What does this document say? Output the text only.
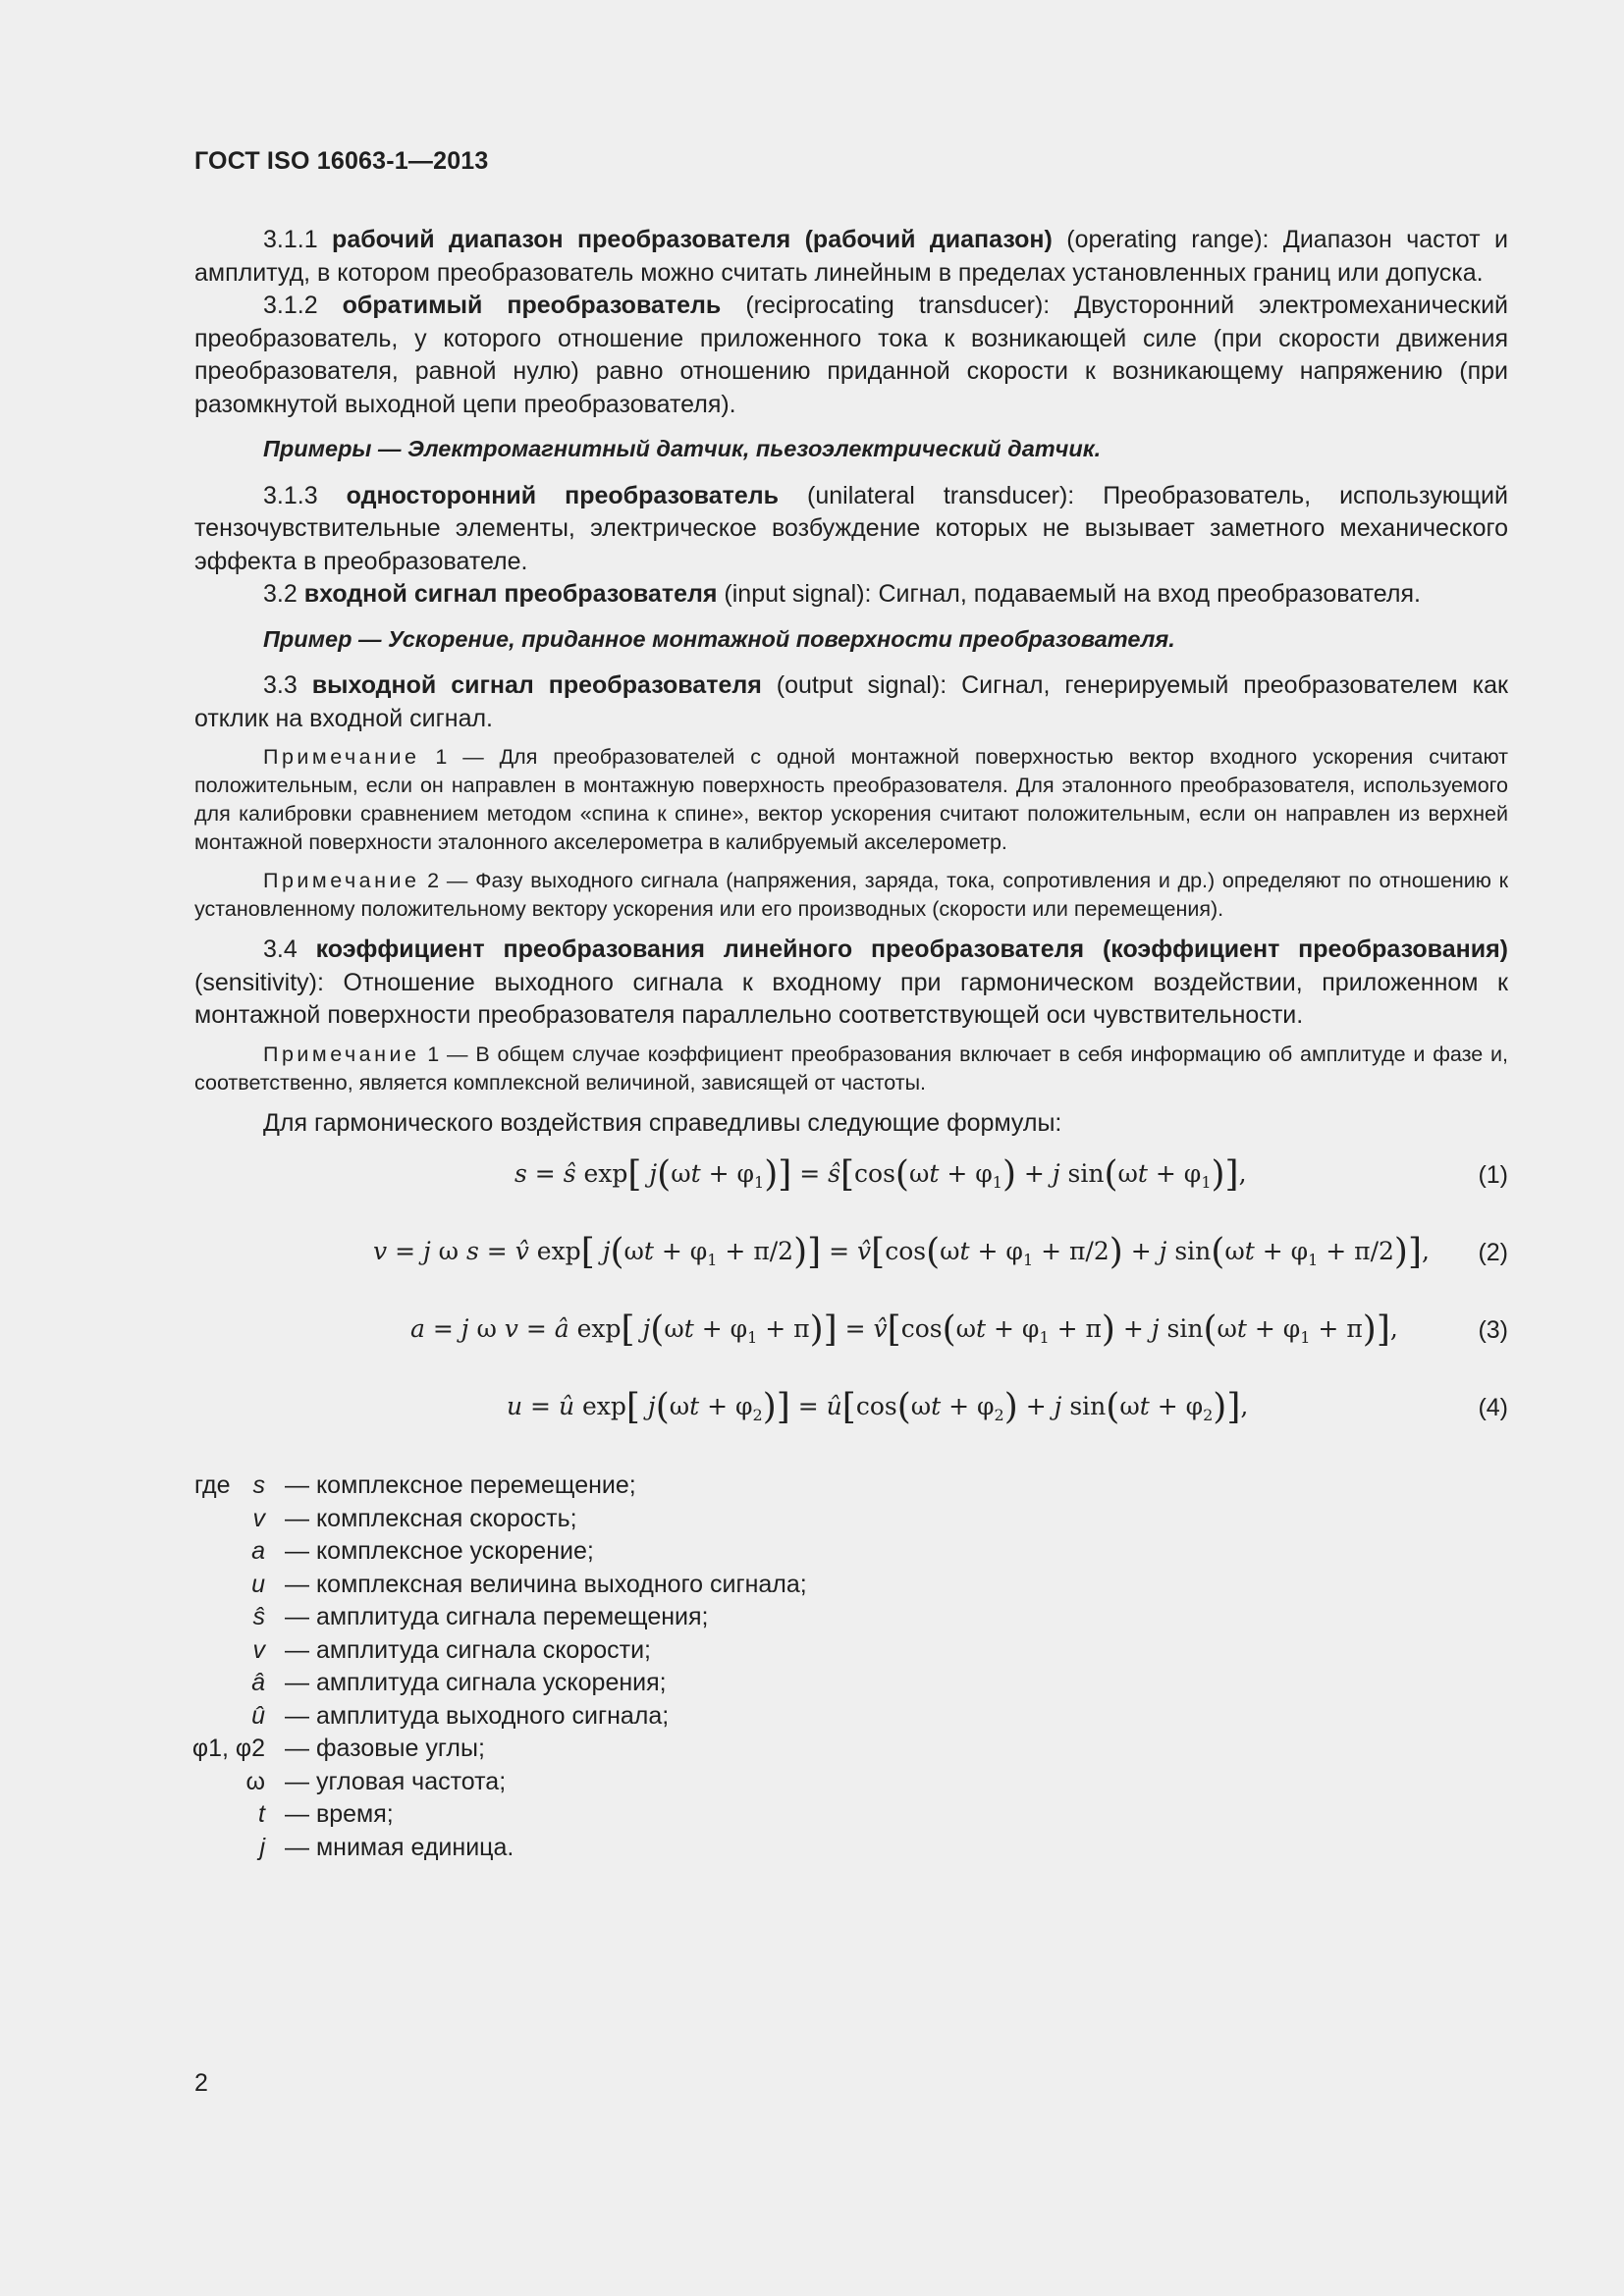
ГОСТ ISO 16063-1—2013

3.1.1 рабочий диапазон преобразователя (рабочий диапазон) (operating range): Диапазон частот и амплитуд, в котором преобразователь можно считать линейным в пределах установленных границ или допуска.

3.1.2 обратимый преобразователь (reciprocating transducer): Двусторонний электромеханический преобразователь, у которого отношение приложенного тока к возникающей силе (при скорости движения преобразователя, равной нулю) равно отношению приданной скорости к возникающему напряжению (при разомкнутой выходной цепи преобразователя).

Примеры — Электромагнитный датчик, пьезоэлектрический датчик.

3.1.3 односторонний преобразователь (unilateral transducer): Преобразователь, использующий тензочувствительные элементы, электрическое возбуждение которых не вызывает заметного механического эффекта в преобразователе.

3.2 входной сигнал преобразователя (input signal): Сигнал, подаваемый на вход преобразователя.

Пример — Ускорение, приданное монтажной поверхности преобразователя.

3.3 выходной сигнал преобразователя (output signal): Сигнал, генерируемый преобразователем как отклик на входной сигнал.

Примечание 1 — Для преобразователей с одной монтажной поверхностью вектор входного ускорения считают положительным, если он направлен в монтажную поверхность преобразователя. Для эталонного преобразователя, используемого для калибровки сравнением методом «спина к спине», вектор ускорения считают положительным, если он направлен из верхней монтажной поверхности эталонного акселерометра в калибруемый акселерометр.

Примечание 2 — Фазу выходного сигнала (напряжения, заряда, тока, сопротивления и др.) определяют по отношению к установленному положительному вектору ускорения или его производных (скорости или перемещения).

3.4 коэффициент преобразования линейного преобразователя (коэффициент преобразования) (sensitivity): Отношение выходного сигнала к входному при гармоническом воздействии, приложенном к монтажной поверхности преобразователя параллельно соответствующей оси чувствительности.

Примечание 1 — В общем случае коэффициент преобразования включает в себя информацию об амплитуде и фазе и, соответственно, является комплексной величиной, зависящей от частоты.

Для гармонического воздействия справедливы следующие формулы:

s = ŝ exp[ $j(\omega t + \varphi_1)$] = ŝ[cos(ωt + $\varphi_1) + j$ $\sin(\omega t + \varphi_1)$],	(1)
v = j ω s = v̂ exp[ $j(\omega t + \varphi_1 + \pi/2)$] = v̂[cos(ωt + $\varphi_1 + \pi/2) + j$ $\sin(\omega t + \varphi_1 + \pi/2)$], (2)
a = j ω v = â exp[ $j(\omega t + \varphi_1 + \pi)$] = v̂[cos(ωt + $\varphi_1 + \pi) + j$ $\sin(\omega t + \varphi_1 + \pi)$],	(3)
u = û exp[ $j(\omega t + \varphi_2)$] = û[cos(ωt + $\varphi_2) + j$ $\sin(\omega t + \varphi_2)$],	(4)
где s — комплексное перемещение;
v — комплексная скорость;
a — комплексное ускорение;
u — комплексная величина выходного сигнала;
ŝ — амплитуда сигнала перемещения;
v — амплитуда сигнала скорости;
â — амплитуда сигнала ускорения;
û — амплитуда выходного сигнала;
φ1, φ2 — фазовые углы;
ω — угловая частота;
t — время;
j — мнимая единица.
2
